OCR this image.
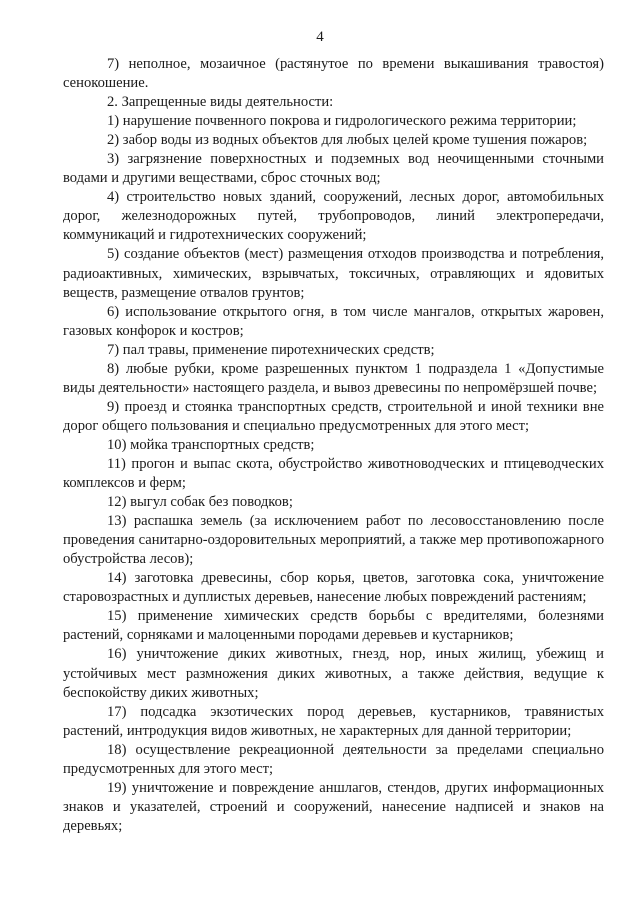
4

7) неполное, мозаичное (растянутое по времени выкашивания травостоя) сенокошение.

2. Запрещенные виды деятельности:

1) нарушение почвенного покрова и гидрологического режима территории;

2) забор воды из водных объектов для любых целей кроме тушения пожаров;

3) загрязнение поверхностных и подземных вод неочищенными сточными водами и другими веществами, сброс сточных вод;

4) строительство новых зданий, сооружений, лесных дорог, автомобильных дорог, железнодорожных путей, трубопроводов, линий электропередачи, коммуникаций и гидротехнических сооружений;

5) создание объектов (мест) размещения отходов производства и потребления, радиоактивных, химических, взрывчатых, токсичных, отравляющих и ядовитых веществ, размещение отвалов грунтов;

6) использование открытого огня, в том числе мангалов, открытых жаровен, газовых конфорок и костров;

7) пал травы, применение пиротехнических средств;

8) любые рубки, кроме разрешенных пунктом 1 подраздела 1 «Допустимые виды деятельности» настоящего раздела, и вывоз древесины по непромёрзшей почве;

9) проезд и стоянка транспортных средств, строительной и иной техники вне дорог общего пользования и специально предусмотренных для этого мест;

10) мойка транспортных средств;

11) прогон и выпас скота, обустройство животноводческих и птицеводческих комплексов и ферм;

12) выгул собак без поводков;

13) распашка земель (за исключением работ по лесовосстановлению после проведения санитарно-оздоровительных мероприятий, а также мер противопожарного обустройства лесов);

14) заготовка древесины, сбор корья, цветов, заготовка сока, уничтожение старовозрастных и дуплистых деревьев, нанесение любых повреждений растениям;

15) применение химических средств борьбы с вредителями, болезнями растений, сорняками и малоценными породами деревьев и кустарников;

16) уничтожение диких животных, гнезд, нор, иных жилищ, убежищ и устойчивых мест размножения диких животных, а также действия, ведущие к беспокойству диких животных;

17) подсадка экзотических пород деревьев, кустарников, травянистых растений, интродукция видов животных, не характерных для данной территории;

18) осуществление рекреационной деятельности за пределами специально предусмотренных для этого мест;

19) уничтожение и повреждение аншлагов, стендов, других информационных знаков и указателей, строений и сооружений, нанесение надписей и знаков на деревьях;
